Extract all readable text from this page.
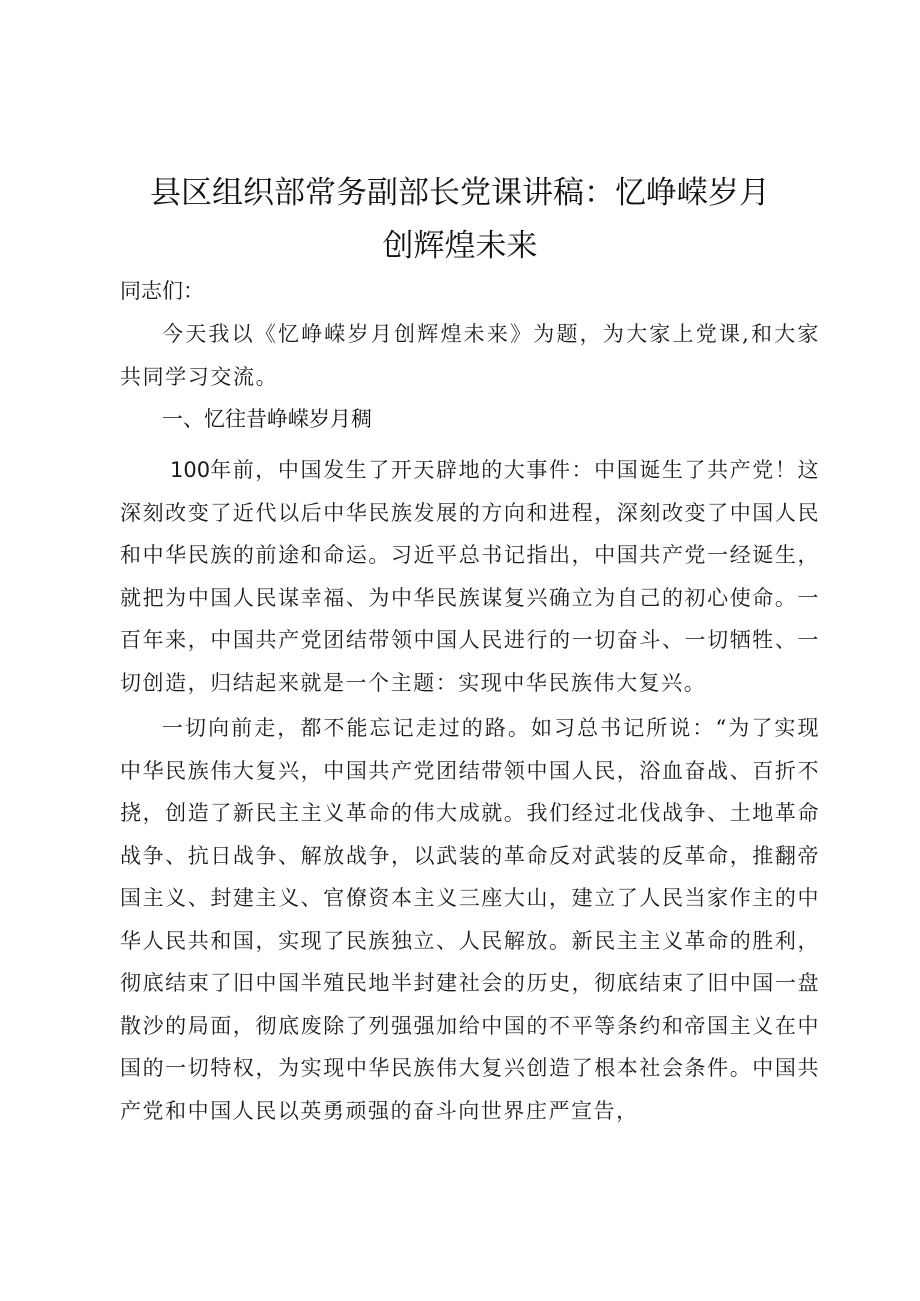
县区组织部常务副部长党课讲稿：忆峥嵘岁月
创辉煌未来

同志们：

今天我以《忆峥嵘岁月创辉煌未来》为题，为大家上党课,和大家共同学习交流。

一、忆往昔峥嵘岁月稠

100年前，中国发生了开天辟地的大事件：中国诞生了共产党！这深刻改变了近代以后中华民族发展的方向和进程，深刻改变了中国人民和中华民族的前途和命运。习近平总书记指出，中国共产党一经诞生，就把为中国人民谋幸福、为中华民族谋复兴确立为自己的初心使命。一百年来，中国共产党团结带领中国人民进行的一切奋斗、一切牺牲、一切创造，归结起来就是一个主题：实现中华民族伟大复兴。

一切向前走，都不能忘记走过的路。如习总书记所说：“为了实现中华民族伟大复兴，中国共产党团结带领中国人民，浴血奋战、百折不挠，创造了新民主主义革命的伟大成就。我们经过北伐战争、土地革命战争、抗日战争、解放战争，以武装的革命反对武装的反革命，推翻帝国主义、封建主义、官僚资本主义三座大山，建立了人民当家作主的中华人民共和国，实现了民族独立、人民解放。新民主主义革命的胜利，彻底结束了旧中国半殖民地半封建社会的历史，彻底结束了旧中国一盘散沙的局面，彻底废除了列强强加给中国的不平等条约和帝国主义在中国的一切特权，为实现中华民族伟大复兴创造了根本社会条件。中国共产党和中国人民以英勇顽强的奋斗向世界庄严宣告，
